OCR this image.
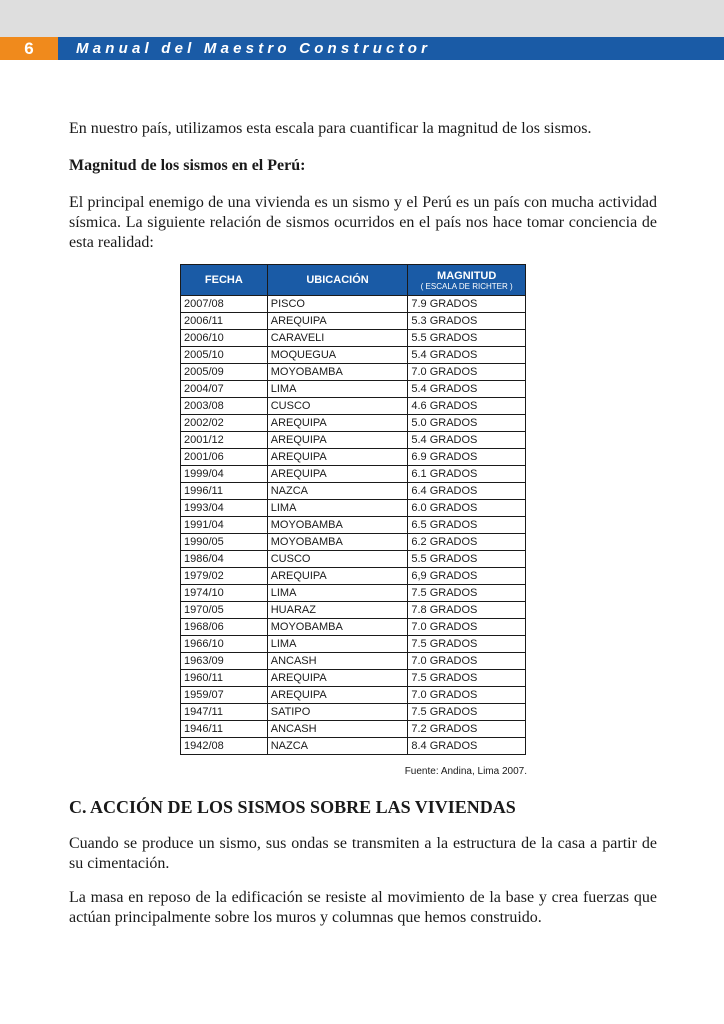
6	Manual del Maestro Constructor
En nuestro país, utilizamos esta escala para cuantificar la magnitud de los sismos.
Magnitud de los sismos en el Perú:
El principal enemigo de una vivienda es un sismo y el Perú es un país con mucha actividad sísmica. La siguiente relación de sismos ocurridos en el país nos hace tomar conciencia de esta realidad:
FECHA	UBICACIÓN	MAGNITUD
( ESCALA DE RICHTER )

2007/08	PISCO	7.9 GRADOS
2006/11	AREQUIPA	5.3 GRADOS
2006/10	CARAVELI	5.5 GRADOS
2005/10	MOQUEGUA	5.4 GRADOS
2005/09	MOYOBAMBA	7.0 GRADOS
2004/07	LIMA	5.4 GRADOS
2003/08	CUSCO	4.6 GRADOS
2002/02	AREQUIPA	5.0 GRADOS
2001/12	AREQUIPA	5.4 GRADOS
2001/06	AREQUIPA	6.9 GRADOS
1999/04	AREQUIPA	6.1 GRADOS
1996/11	NAZCA	6.4 GRADOS
1993/04	LIMA	6.0 GRADOS
1991/04	MOYOBAMBA	6.5 GRADOS
1990/05	MOYOBAMBA	6.2 GRADOS
1986/04	CUSCO	5.5 GRADOS
1979/02	AREQUIPA	6,9 GRADOS
1974/10	LIMA	7.5 GRADOS
1970/05	HUARAZ	7.8 GRADOS
1968/06	MOYOBAMBA	7.0 GRADOS
1966/10	LIMA	7.5 GRADOS
1963/09	ANCASH	7.0 GRADOS
1960/11	AREQUIPA	7.5 GRADOS
1959/07	AREQUIPA	7.0 GRADOS
1947/11	SATIPO	7.5 GRADOS
1946/11	ANCASH	7.2 GRADOS
1942/08	NAZCA	8.4 GRADOS
Fuente: Andina, Lima 2007.
C. ACCIÓN DE LOS SISMOS SOBRE LAS VIVIENDAS
Cuando se produce un sismo, sus ondas se transmiten a la estructura de la casa a partir de su cimentación.
La masa en reposo de la edificación se resiste al movimiento de la base y crea fuerzas que actúan principalmente sobre los muros y columnas que hemos construido.
